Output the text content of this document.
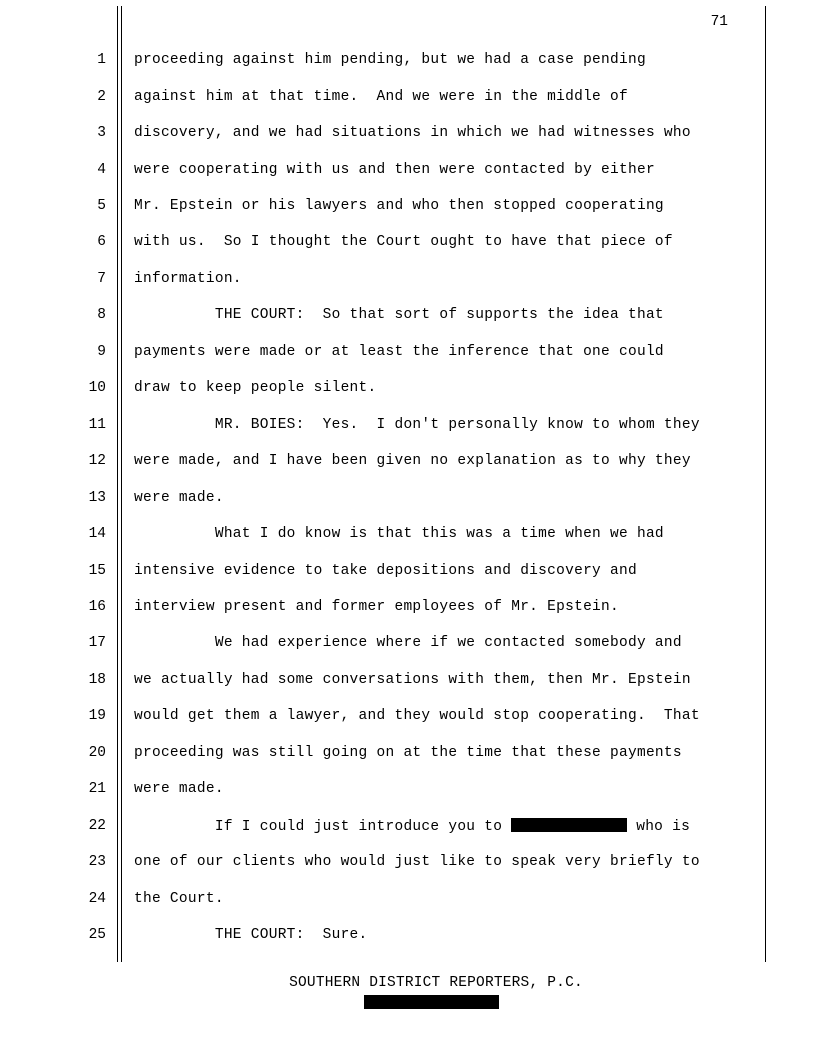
71
1 proceeding against him pending, but we had a case pending
2 against him at that time.  And we were in the middle of
3 discovery, and we had situations in which we had witnesses who
4 were cooperating with us and then were contacted by either
5 Mr. Epstein or his lawyers and who then stopped cooperating
6 with us.  So I thought the Court ought to have that piece of
7 information.
8 THE COURT:  So that sort of supports the idea that
9 payments were made or at least the inference that one could
10 draw to keep people silent.
11 MR. BOIES:  Yes.  I don't personally know to whom they
12 were made, and I have been given no explanation as to why they
13 were made.
14 What I do know is that this was a time when we had
15 intensive evidence to take depositions and discovery and
16 interview present and former employees of Mr. Epstein.
17 We had experience where if we contacted somebody and
18 we actually had some conversations with them, then Mr. Epstein
19 would get them a lawyer, and they would stop cooperating.  That
20 proceeding was still going on at the time that these payments
21 were made.
22 If I could just introduce you to	who is
23 one of our clients who would just like to speak very briefly to
24 the Court.
25 THE COURT:  Sure.
SOUTHERN DISTRICT REPORTERS, P.C.
